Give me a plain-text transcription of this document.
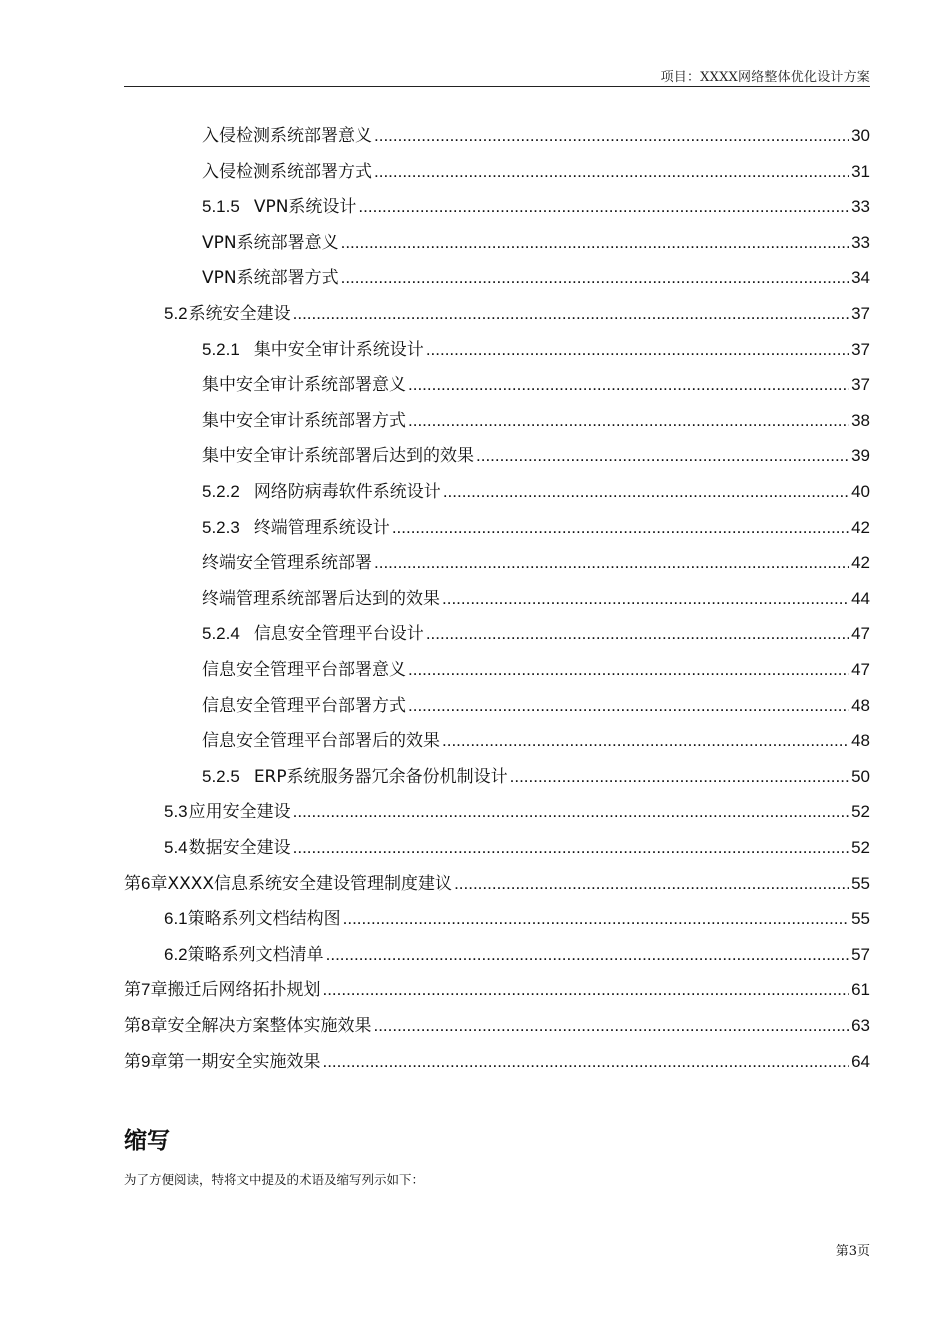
项目：XXXX网络整体优化设计方案
入侵检测系统部署意义 .....	30
入侵检测系统部署方式 .....	31
5.1.5 VPN系统设计 .....	33
VPN系统部署意义 .....	33
VPN系统部署方式 .....	34
5.2 系统安全建设 .....	37
5.2.1 集中安全审计系统设计 .....	37
集中安全审计系统部署意义 .....	37
集中安全审计系统部署方式 .....	38
集中安全审计系统部署后达到的效果 .....	39
5.2.2 网络防病毒软件系统设计 .....	40
5.2.3 终端管理系统设计 .....	42
终端安全管理系统部署 .....	42
终端管理系统部署后达到的效果 .....	44
5.2.4 信息安全管理平台设计 .....	47
信息安全管理平台部署意义 .....	47
信息安全管理平台部署方式 .....	48
信息安全管理平台部署后的效果 .....	48
5.2.5 ERP系统服务器冗余备份机制设计 .....	50
5.3 应用安全建设 .....	52
5.4 数据安全建设 .....	52
第6章 XXXX信息系统安全建设管理制度建议 .....	55
6.1 策略系列文档结构图 .....	55
6.2 策略系列文档清单 .....	57
第7章 搬迁后网络拓扑规划 .....	61
第8章 安全解决方案整体实施效果 .....	63
第9章 第一期安全实施效果 .....	64
缩写
为了方便阅读，特将文中提及的术语及缩写列示如下：
第3页
